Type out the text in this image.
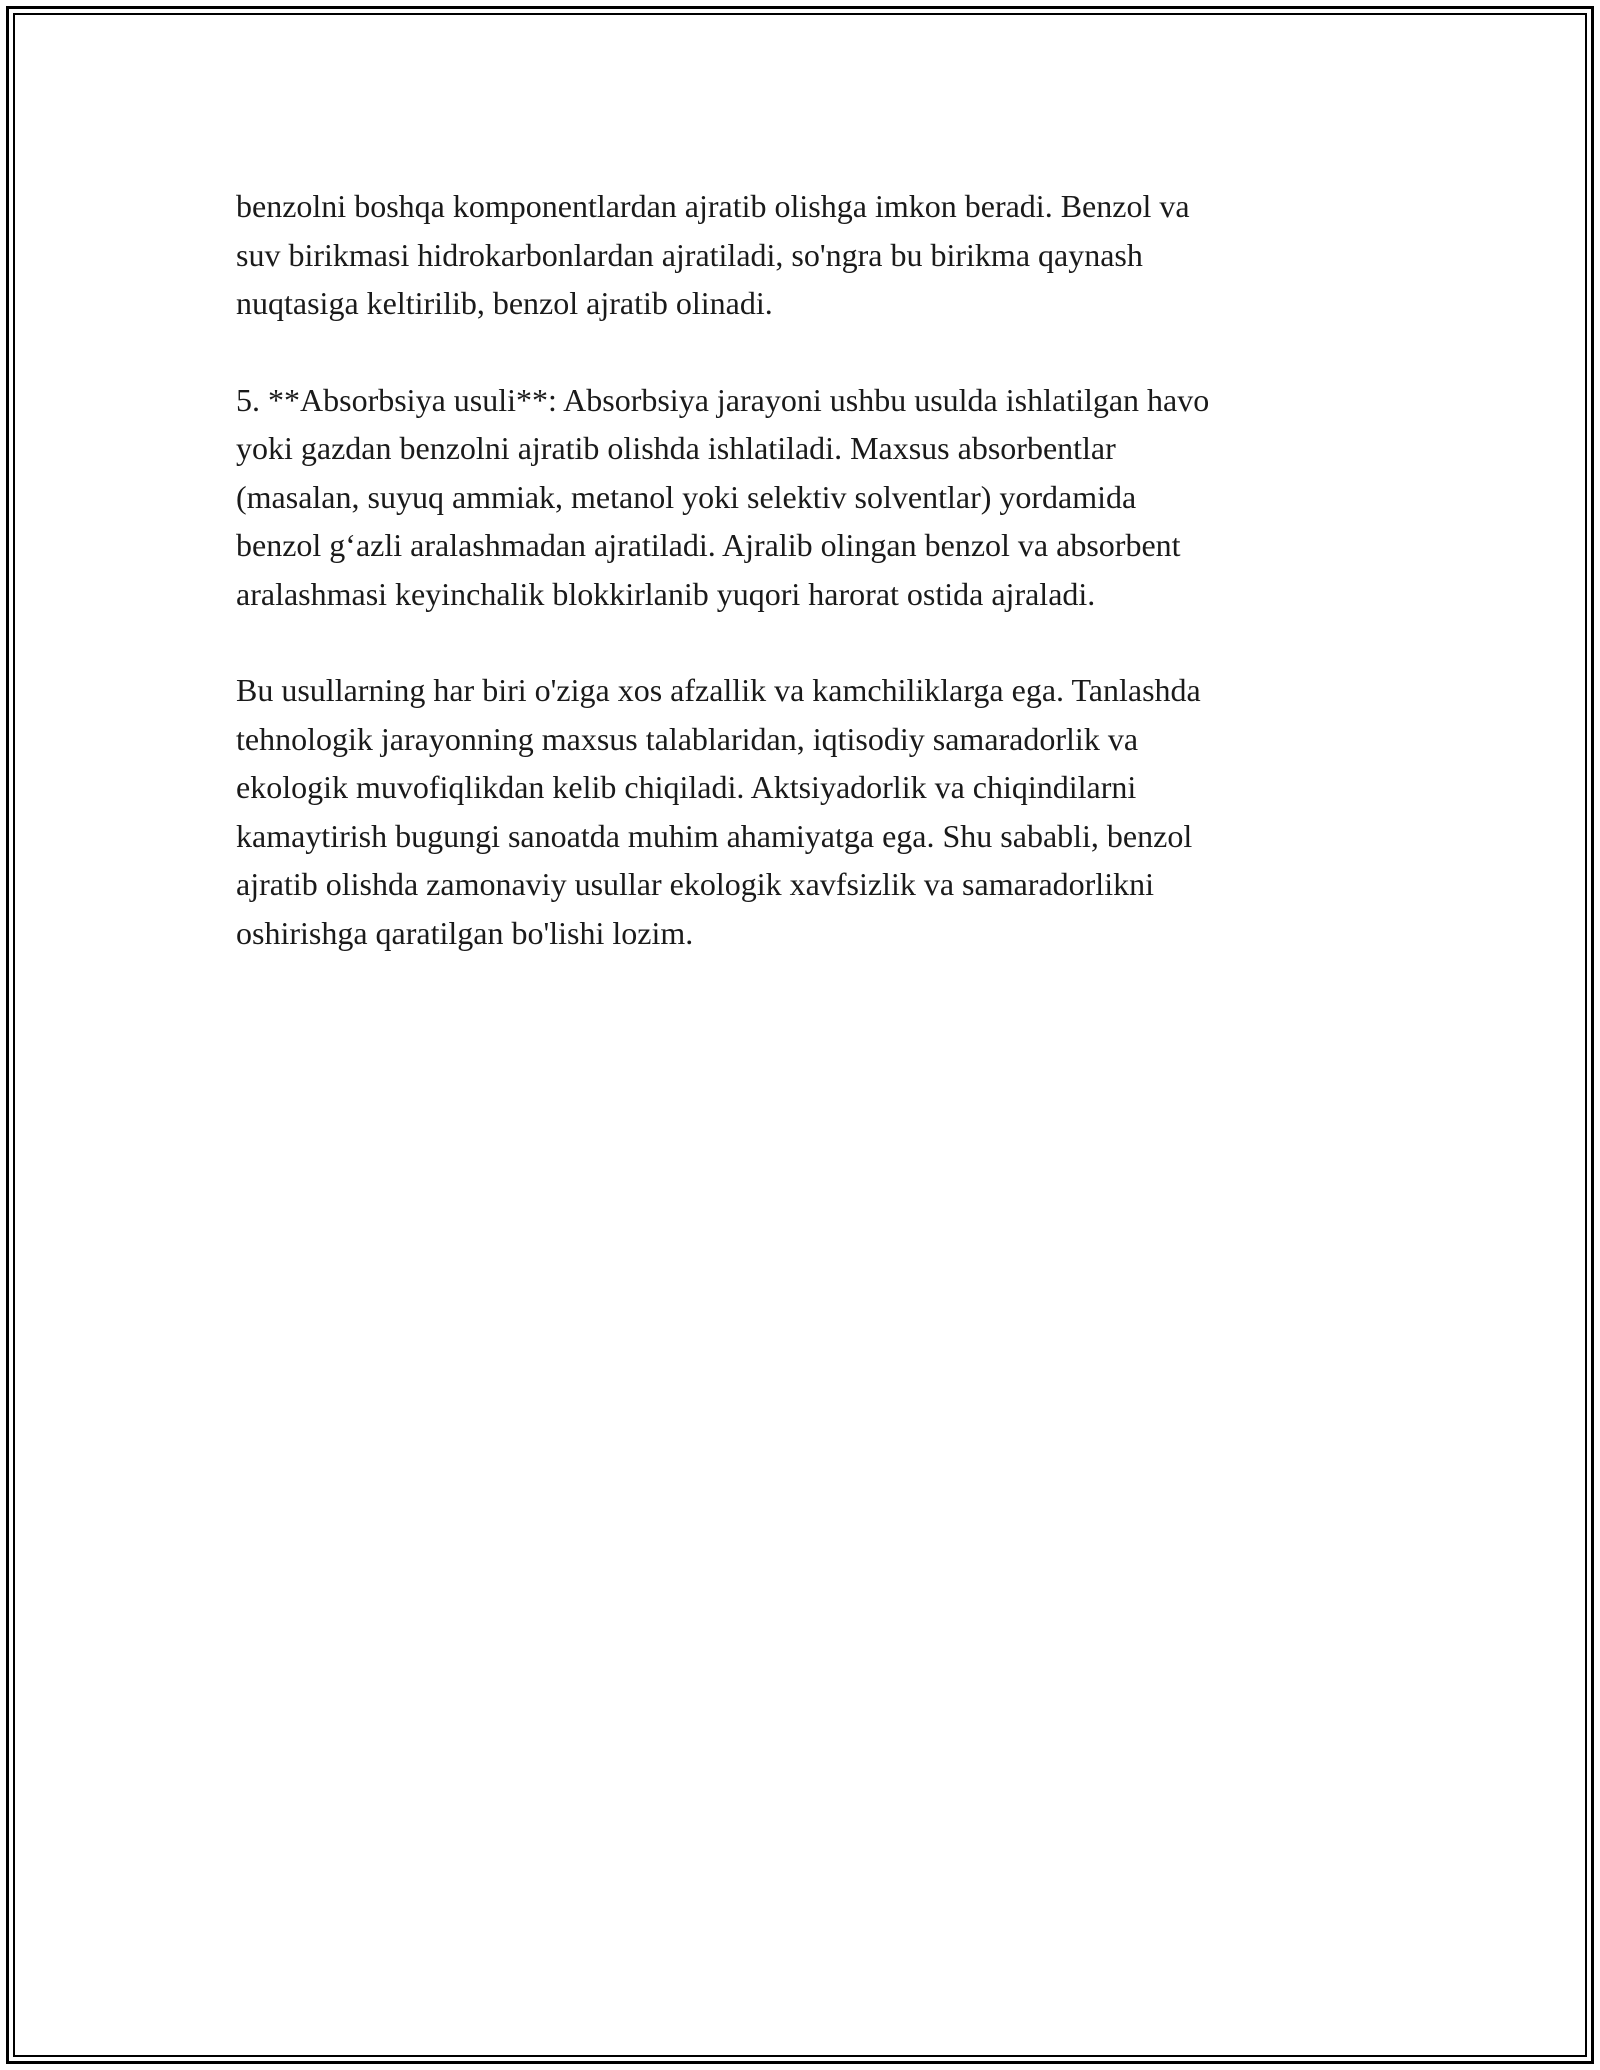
benzolni boshqa komponentlardan ajratib olishga imkon beradi. Benzol va
suv birikmasi hidrokarbonlardan ajratiladi, so'ngra bu birikma qaynash
nuqtasiga keltirilib, benzol ajratib olinadi.

5. **Absorbsiya usuli**: Absorbsiya jarayoni ushbu usulda ishlatilgan havo
yoki gazdan benzolni ajratib olishda ishlatiladi. Maxsus absorbentlar
(masalan, suyuq ammiak, metanol yoki selektiv solventlar) yordamida
benzol g‘azli aralashmadan ajratiladi. Ajralib olingan benzol va absorbent
aralashmasi keyinchalik blokkirlanib yuqori harorat ostida ajraladi.

Bu usullarning har biri o'ziga xos afzallik va kamchiliklarga ega. Tanlashda
tehnologik jarayonning maxsus talablaridan, iqtisodiy samaradorlik va
ekologik muvofiqlikdan kelib chiqiladi. Aktsiyadorlik va chiqindilarni
kamaytirish bugungi sanoatda muhim ahamiyatga ega. Shu sababli, benzol
ajratib olishda zamonaviy usullar ekologik xavfsizlik va samaradorlikni
oshirishga qaratilgan bo'lishi lozim.
